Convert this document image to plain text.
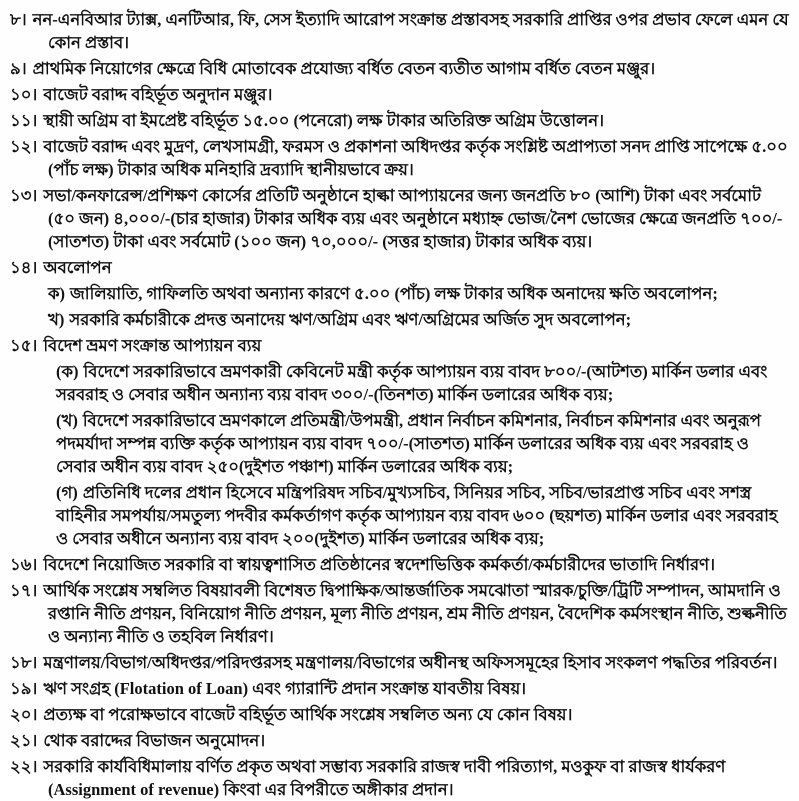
৮। নন-এনবিআর ট্যাক্স, এনটিআর, ফি, সেস ইত্যাদি আরোপ সংক্রান্ত প্রস্তাবসহ সরকারি প্রাপ্তির ওপর প্রভাব ফেলে এমন যে কোন প্রস্তাব।

৯। প্রাথমিক নিয়োগের ক্ষেত্রে বিধি মোতাবেক প্রযোজ্য বর্ধিত বেতন ব্যতীত আগাম বর্ধিত বেতন মঞ্জুর।

১০। বাজেট বরাদ্দ বহির্ভূত অনুদান মঞ্জুর।

১১। স্থায়ী অগ্রিম বা ইমপ্রেষ্ট বহির্ভূত ১৫.০০ (পনেরো) লক্ষ টাকার অতিরিক্ত অগ্রিম উত্তোলন।

১২। বাজেট বরাদ্দ এবং মুদ্রণ, লেখসামগ্রী, ফরমস ও প্রকাশনা অধিদপ্তর কর্তৃক সংশ্লিষ্ট অপ্রাপ্যতা সনদ প্রাপ্তি সাপেক্ষে ৫.০০ (পাঁচ লক্ষ) টাকার অধিক মনিহারি দ্রব্যাদি স্থানীয়ভাবে ক্রয়।

১৩। সভা/কনফারেন্স/প্রশিক্ষণ কোর্সের প্রতিটি অনুষ্ঠানে হাল্কা আপ্যায়নের জন্য জনপ্রতি ৮০ (আশি) টাকা এবং সর্বমোট (৫০ জন) ৪,০০০/-(চার হাজার) টাকার অধিক ব্যয় এবং অনুষ্ঠানে মধ্যাহ্ন ভোজ/নৈশ ভোজের ক্ষেত্রে জনপ্রতি ৭০০/-(সাতশত) টাকা এবং সর্বমোট (১০০ জন) ৭০,০০০/- (সত্তর হাজার) টাকার অধিক ব্যয়।

১৪। অবলোপন

ক) জালিয়াতি, গাফিলতি অথবা অন্যান্য কারণে ৫.০০ (পাঁচ) লক্ষ টাকার অধিক অনাদেয় ক্ষতি অবলোপন;

খ) সরকারি কর্মচারীকে প্রদত্ত অনাদেয় ঋণ/অগ্রিম এবং ঋণ/অগ্রিমের অর্জিত সুদ অবলোপন;

১৫। বিদেশ ভ্রমণ সংক্রান্ত আপ্যায়ন ব্যয়

(ক) বিদেশে সরকারিভাবে ভ্রমণকারী কেবিনেট মন্ত্রী কর্তৃক আপ্যায়ন ব্যয় বাবদ ৮০০/-(আটশত) মার্কিন ডলার এবং সরবরাহ ও সেবার অধীন অন্যান্য ব্যয় বাবদ ৩০০/-(তিনশত) মার্কিন ডলারের অধিক ব্যয়;

(খ) বিদেশে সরকারিভাবে ভ্রমণকালে প্রতিমন্ত্রী/উপমন্ত্রী, প্রধান নির্বাচন কমিশনার, নির্বাচন কমিশনার এবং অনুরূপ পদমর্যাদা সম্পন্ন ব্যক্তি কর্তৃক আপ্যায়ন ব্যয় বাবদ ৭০০/-(সাতশত) মার্কিন ডলারের অধিক ব্যয় এবং সরবরাহ ও সেবার অধীন ব্যয় বাবদ ২৫০(দুইশত পঞ্চাশ) মার্কিন ডলারের অধিক ব্যয়;

(গ) প্রতিনিধি দলের প্রধান হিসেবে মন্ত্রিপরিষদ সচিব/মুখ্যসচিব, সিনিয়র সচিব, সচিব/ভারপ্রাপ্ত সচিব এবং সশস্ত্র বাহিনীর সমপর্যায়/সমতুল্য পদবীর কর্মকর্তাগণ কর্তৃক আপ্যায়ন ব্যয় বাবদ ৬০০ (ছয়শত) মার্কিন ডলার এবং সরবরাহ ও সেবার অধীনে অন্যান্য ব্যয় বাবদ ২০০(দুইশত) মার্কিন ডলারের অধিক ব্যয়;

১৬। বিদেশে নিয়োজিত সরকারি বা স্বায়ত্বশাসিত প্রতিষ্ঠানের স্বদেশভিত্তিক কর্মকর্তা/কর্মচারীদের ভাতাদি নির্ধারণ।

১৭। আর্থিক সংশ্লেষ সম্বলিত বিষয়াবলী বিশেষত দ্বিপাক্ষিক/আন্তর্জাতিক সমঝোতা স্মারক/চুক্তি/ট্রিটি সম্পাদন, আমদানি ও রপ্তানি নীতি প্রণয়ন, বিনিয়োগ নীতি প্রণয়ন, মূল্য নীতি প্রণয়ন, শ্রম নীতি প্রণয়ন, বৈদেশিক কর্মসংস্থান নীতি, শুল্কনীতি ও অন্যান্য নীতি ও তহবিল নির্ধারণ।

১৮। মন্ত্রণালয়/বিভাগ/অধিদপ্তর/পরিদপ্তরসহ মন্ত্রণালয়/বিভাগের অধীনস্থ অফিসসমূহের হিসাব সংকলণ পদ্ধতির পরিবর্তন।

১৯। ঋণ সংগ্রহ (Flotation of Loan) এবং গ্যারান্টি প্রদান সংক্রান্ত যাবতীয় বিষয়।

২০। প্রত্যক্ষ বা পরোক্ষভাবে বাজেট বহির্ভূত আর্থিক সংশ্লেষ সম্বলিত অন্য যে কোন বিষয়।

২১। থোক বরাদ্দের বিভাজন অনুমোদন।

২২। সরকারি কার্যবিধিমালায় বর্ণিত প্রকৃত অথবা সম্ভাব্য সরকারি রাজস্ব দাবী পরিত্যাগ, মওকুফ বা রাজস্ব ধার্যকরণ (Assignment of revenue) কিংবা এর বিপরীতে অঙ্গীকার প্রদান।
